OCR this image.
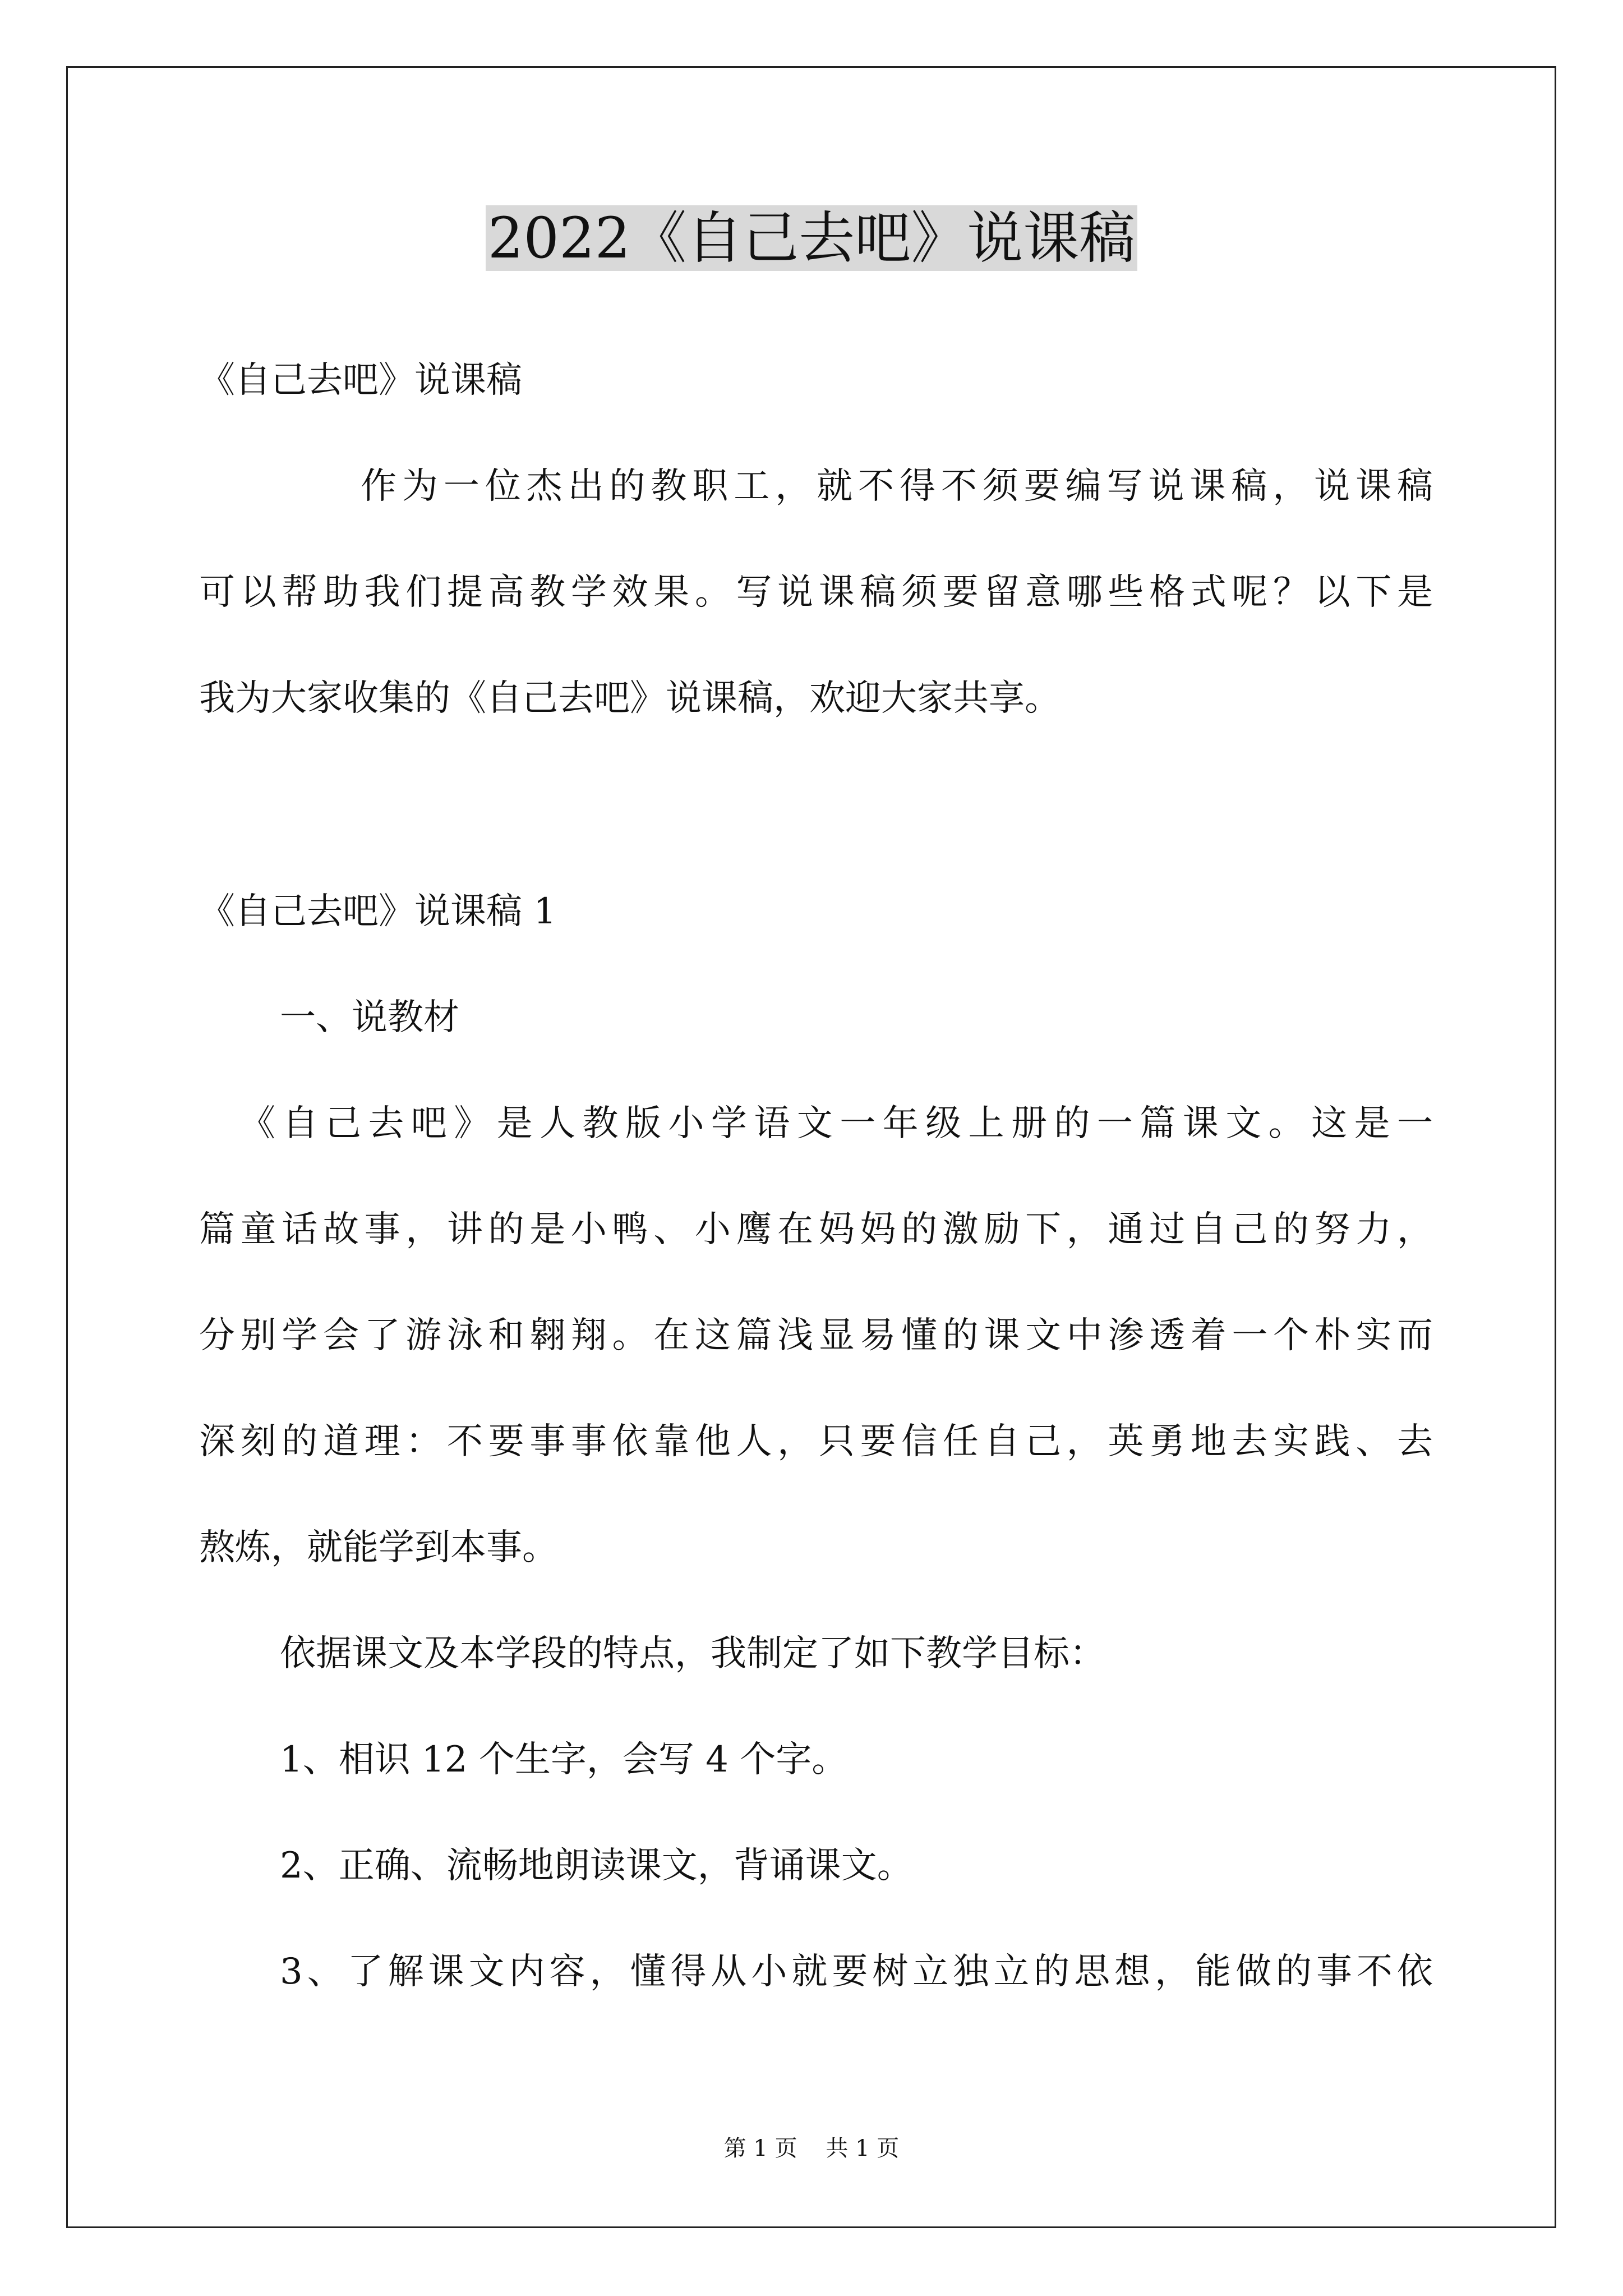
2022《自己去吧》说课稿
《自己去吧》说课稿
作为一位杰出的教职工，就不得不须要编写说课稿，说课稿
可以帮助我们提高教学效果。写说课稿须要留意哪些格式呢？以下是
我为大家收集的《自己去吧》说课稿，欢迎大家共享。
《自己去吧》说课稿 1
一、说教材
《自己去吧》是人教版小学语文一年级上册的一篇课文。这是一
篇童话故事，讲的是小鸭、小鹰在妈妈的激励下，通过自己的努力，
分别学会了游泳和翱翔。在这篇浅显易懂的课文中渗透着一个朴实而
深刻的道理：不要事事依靠他人，只要信任自己，英勇地去实践、去
熬炼，就能学到本事。
依据课文及本学段的特点，我制定了如下教学目标：
1、相识 12 个生字，会写 4 个字。
2、正确、流畅地朗读课文，背诵课文。
3、了解课文内容，懂得从小就要树立独立的思想，能做的事不依
第 1 页    共 1 页
